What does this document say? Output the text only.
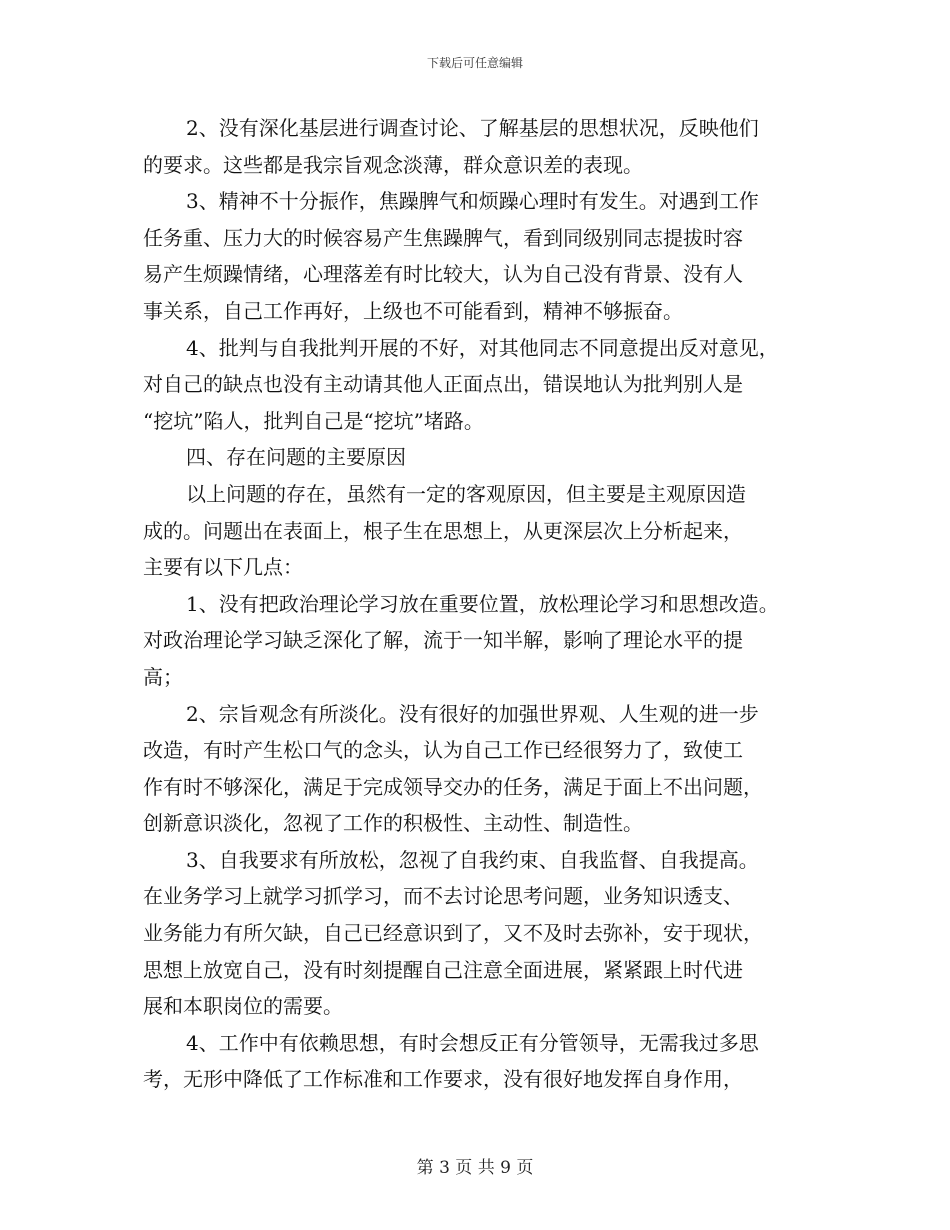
下载后可任意编辑
2、没有深化基层进行调查讨论、了解基层的思想状况，反映他们
的要求。这些都是我宗旨观念淡薄，群众意识差的表现。
3、精神不十分振作，焦躁脾气和烦躁心理时有发生。对遇到工作
任务重、压力大的时候容易产生焦躁脾气，看到同级别同志提拔时容
易产生烦躁情绪，心理落差有时比较大，认为自己没有背景、没有人
事关系，自己工作再好，上级也不可能看到，精神不够振奋。
4、批判与自我批判开展的不好，对其他同志不同意提出反对意见，
对自己的缺点也没有主动请其他人正面点出，错误地认为批判别人是
“挖坑”陷人，批判自己是“挖坑”堵路。
四、存在问题的主要原因
以上问题的存在，虽然有一定的客观原因，但主要是主观原因造
成的。问题出在表面上，根子生在思想上，从更深层次上分析起来，
主要有以下几点：
1、没有把政治理论学习放在重要位置，放松理论学习和思想改造。
对政治理论学习缺乏深化了解，流于一知半解，影响了理论水平的提
高；
2、宗旨观念有所淡化。没有很好的加强世界观、人生观的进一步
改造，有时产生松口气的念头，认为自己工作已经很努力了，致使工
作有时不够深化，满足于完成领导交办的任务，满足于面上不出问题，
创新意识淡化，忽视了工作的积极性、主动性、制造性。
3、自我要求有所放松，忽视了自我约束、自我监督、自我提高。
在业务学习上就学习抓学习，而不去讨论思考问题，业务知识透支、
业务能力有所欠缺，自己已经意识到了，又不及时去弥补，安于现状，
思想上放宽自己，没有时刻提醒自己注意全面进展，紧紧跟上时代进
展和本职岗位的需要。
4、工作中有依赖思想，有时会想反正有分管领导，无需我过多思
考，无形中降低了工作标准和工作要求，没有很好地发挥自身作用，
第 3 页 共 9 页
